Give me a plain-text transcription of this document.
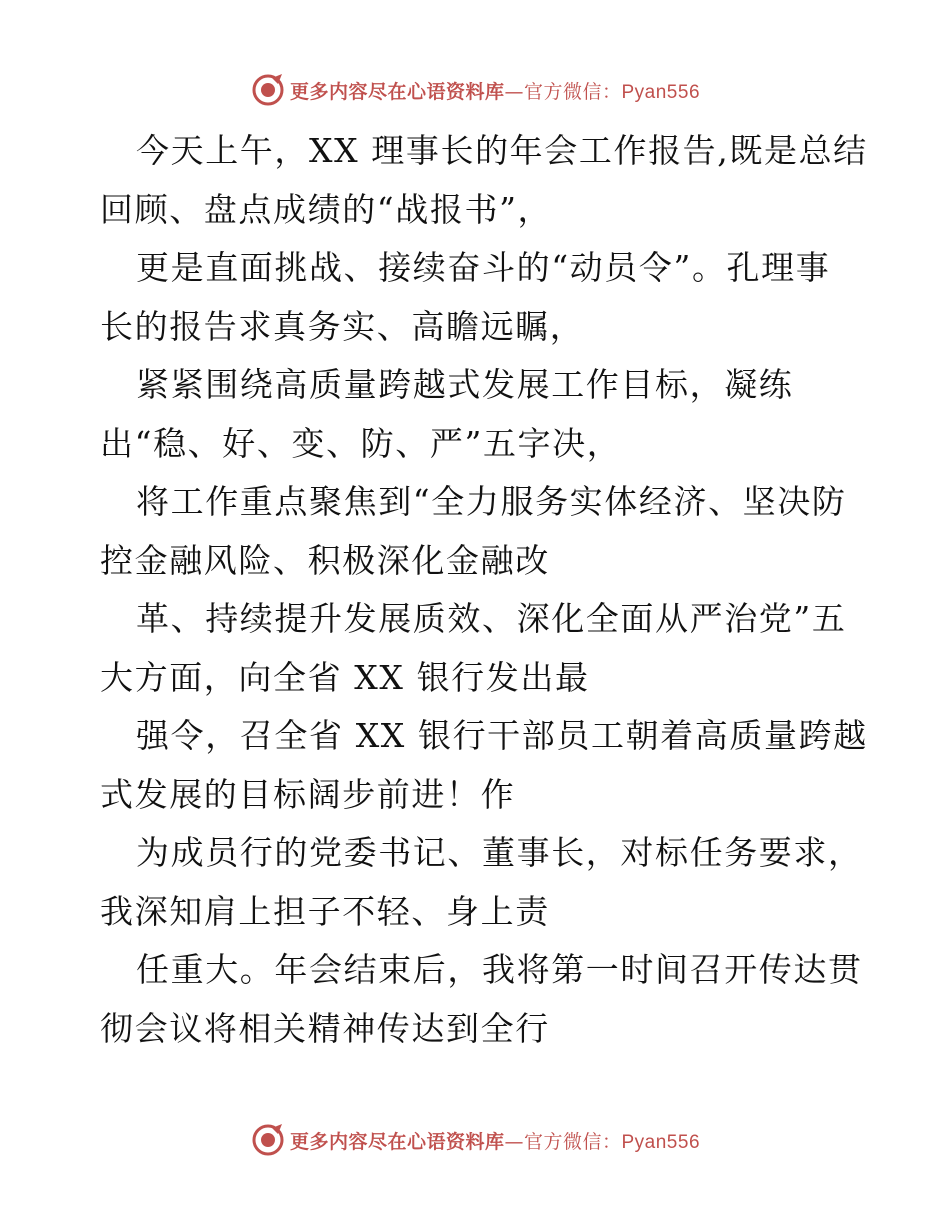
更多内容尽在心语资料库—官方微信：Pyan556
今天上午，XX 理事长的年会工作报告,既是总结
回顾、盘点成绩的“战报书”，
更是直面挑战、接续奋斗的“动员令”。孔理事
长的报告求真务实、高瞻远瞩，
紧紧围绕高质量跨越式发展工作目标，凝练
出“稳、好、变、防、严”五字决，
将工作重点聚焦到“全力服务实体经济、坚决防
控金融风险、积极深化金融改
革、持续提升发展质效、深化全面从严治党”五
大方面，向全省 XX 银行发出最
强令，召全省 XX 银行干部员工朝着高质量跨越
式发展的目标阔步前进！作
为成员行的党委书记、董事长，对标任务要求，
我深知肩上担子不轻、身上责
任重大。年会结束后，我将第一时间召开传达贯
彻会议将相关精神传达到全行
更多内容尽在心语资料库—官方微信：Pyan556
